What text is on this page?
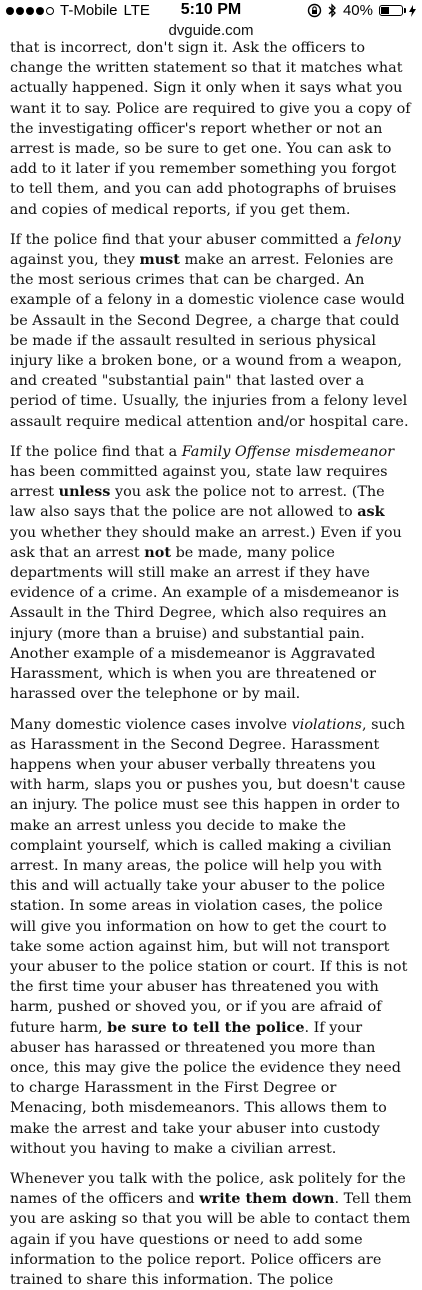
T-Mobile LTE	5:10 PM	40%
dvguide.com

that is incorrect, don't sign it. Ask the officers to change the written statement so that it matches what actually happened. Sign it only when it says what you want it to say. Police are required to give you a copy of the investigating officer's report whether or not an arrest is made, so be sure to get one. You can ask to add to it later if you remember something you forgot to tell them, and you can add photographs of bruises and copies of medical reports, if you get them.

If the police find that your abuser committed a felony against you, they must make an arrest. Felonies are the most serious crimes that can be charged. An example of a felony in a domestic violence case would be Assault in the Second Degree, a charge that could be made if the assault resulted in serious physical injury like a broken bone, or a wound from a weapon, and created "substantial pain" that lasted over a period of time. Usually, the injuries from a felony level assault require medical attention and/or hospital care.

If the police find that a Family Offense misdemeanor has been committed against you, state law requires arrest unless you ask the police not to arrest. (The law also says that the police are not allowed to ask you whether they should make an arrest.) Even if you ask that an arrest not be made, many police departments will still make an arrest if they have evidence of a crime. An example of a misdemeanor is Assault in the Third Degree, which also requires an injury (more than a bruise) and substantial pain. Another example of a misdemeanor is Aggravated Harassment, which is when you are threatened or harassed over the telephone or by mail.

Many domestic violence cases involve violations, such as Harassment in the Second Degree. Harassment happens when your abuser verbally threatens you with harm, slaps you or pushes you, but doesn't cause an injury. The police must see this happen in order to make an arrest unless you decide to make the complaint yourself, which is called making a civilian arrest. In many areas, the police will help you with this and will actually take your abuser to the police station. In some areas in violation cases, the police will give you information on how to get the court to take some action against him, but will not transport your abuser to the police station or court. If this is not the first time your abuser has threatened you with harm, pushed or shoved you, or if you are afraid of future harm, be sure to tell the police. If your abuser has harassed or threatened you more than once, this may give the police the evidence they need to charge Harassment in the First Degree or Menacing, both misdemeanors. This allows them to make the arrest and take your abuser into custody without you having to make a civilian arrest.

Whenever you talk with the police, ask politely for the names of the officers and write them down. Tell them you are asking so that you will be able to contact them again if you have questions or need to add some information to the police report. Police officers are trained to share this information. The police
